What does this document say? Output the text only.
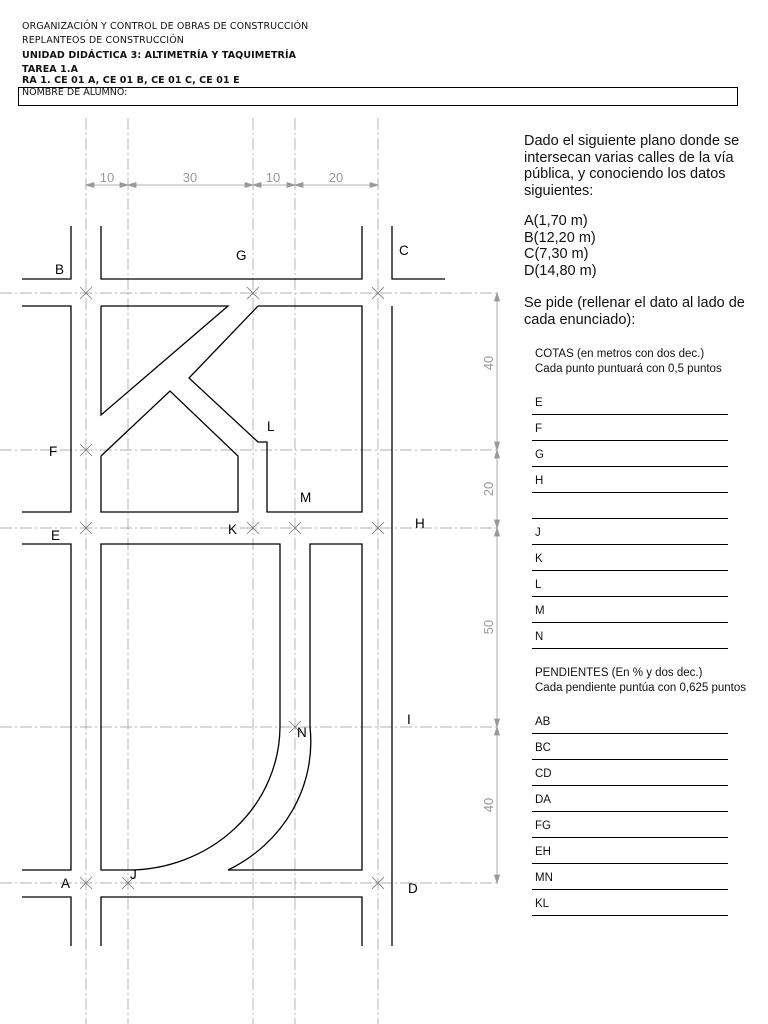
ORGANIZACIÓN Y CONTROL DE OBRAS DE CONSTRUCCIÓN
REPLANTEOS DE CONSTRUCCIÓN
UNIDAD DIDÁCTICA 3: ALTIMETRÍA Y TAQUIMETRÍA
TAREA 1.A
RA 1. CE 01 A, CE 01 B, CE 01 C, CE 01 E
NOMBRE DE ALUMNO:
10	30	10	20
40
20
50
40
B
G	C
L
F
M
E	K	H
I
N
J
A	D
Dado el siguiente plano donde se
intersecan varias calles de la vía
pública, y conociendo los datos
siguientes:
A(1,70 m)
B(12,20 m)
C(7,30 m)
D(14,80 m)
Se pide (rellenar el dato al lado de
cada enunciado):
COTAS (en metros con dos dec.)
Cada punto puntuará con 0,5 puntos
E
F
G
H
J
K
L
M
N
PENDIENTES (En % y dos dec.)
Cada pendiente puntúa con 0,625 puntos
AB
BC
CD
DA
FG
EH
MN
KL
